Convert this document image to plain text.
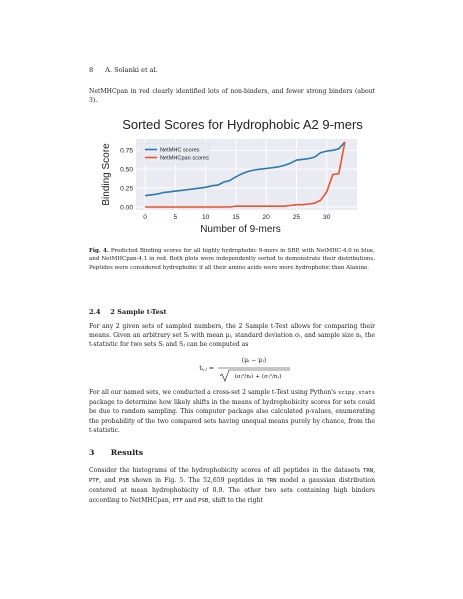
8 A. Solanki et al.

NetMHCpan in red clearly identified lots of non-binders, and fewer strong binders (about 3).

Sorted Scores for Hydrophobic A2 9-mers
0.00
0.25
0.50
0.75
0	5	10	15	20	25	30
Number of 9-mers
Binding Score	NetMHC scores
NetMHCpan scores
Fig. 4. Predicted Binding scores for all highly hydrophobic 9-mers in SRP, with NetMHC-4.0 in blue, and NetMHCpan-4.1 in red. Both plots were independently sorted to demonstrate their distributions. Peptides were considered hydrophobic if all their amino acids were more hydrophobic than Alanine.
2.4 2 Sample t-Test

For any 2 given sets of sampled numbers, the 2 Sample t-Test allows for comparing their means. Given an arbitrary set Sᵢ with mean μᵢ, standard deviation σᵢ, and sample size nᵢ, the t-statistic for two sets Sᵢ and Sⱼ can be computed as

tᵢ,ⱼ =
(μᵢ − μⱼ)
(σᵢ²/nᵢ) + (σⱼ²/nⱼ)

For all our named sets, we conducted a cross-set 2 sample t-Test using Python's scipy.stats package to determine how likely shifts in the means of hydrophobicity scores for sets could be due to random sampling. This computer package also calculated p-values, enumerating the probability of the two compared sets having unequal means purely by chance, from the t-statistic.

3 Results

Consider the histograms of the hydrophobicity scores of all peptides in the datasets TRN, PTF, and PSB shown in Fig. 5. The 52,659 peptides in TRN model a gaussian distribution centered at mean hydrophobicity of 0.9. The other two sets containing high binders according to NetMHCpan, PTF and PSB, shift to the right
